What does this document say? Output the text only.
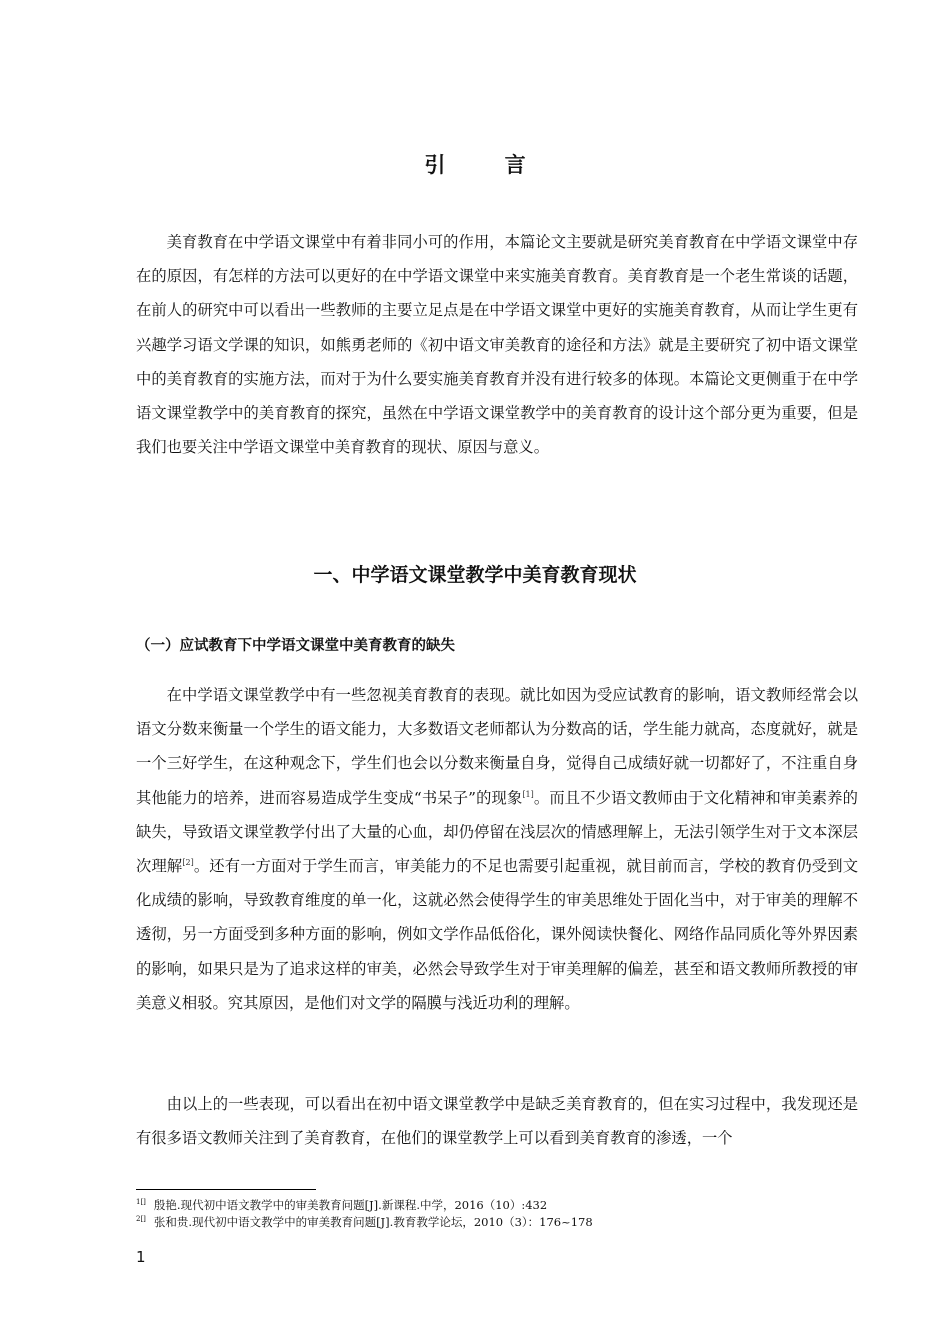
引 言

美育教育在中学语文课堂中有着非同小可的作用，本篇论文主要就是研究美育教育在中学语文课堂中存在的原因，有怎样的方法可以更好的在中学语文课堂中来实施美育教育。美育教育是一个老生常谈的话题，在前人的研究中可以看出一些教师的主要立足点是在中学语文课堂中更好的实施美育教育，从而让学生更有兴趣学习语文学课的知识，如熊勇老师的《初中语文审美教育的途径和方法》就是主要研究了初中语文课堂中的美育教育的实施方法，而对于为什么要实施美育教育并没有进行较多的体现。本篇论文更侧重于在中学语文课堂教学中的美育教育的探究，虽然在中学语文课堂教学中的美育教育的设计这个部分更为重要，但是我们也要关注中学语文课堂中美育教育的现状、原因与意义。

一、中学语文课堂教学中美育教育现状
（一）应试教育下中学语文课堂中美育教育的缺失

在中学语文课堂教学中有一些忽视美育教育的表现。就比如因为受应试教育的影响，语文教师经常会以语文分数来衡量一个学生的语文能力，大多数语文老师都认为分数高的话，学生能力就高，态度就好，就是一个三好学生，在这种观念下，学生们也会以分数来衡量自身，觉得自己成绩好就一切都好了，不注重自身其他能力的培养，进而容易造成学生变成“书呆子”的现象[1]。而且不少语文教师由于文化精神和审美素养的缺失，导致语文课堂教学付出了大量的心血，却仍停留在浅层次的情感理解上，无法引领学生对于文本深层次理解[2]。还有一方面对于学生而言，审美能力的不足也需要引起重视，就目前而言，学校的教育仍受到文化成绩的影响，导致教育维度的单一化，这就必然会使得学生的审美思维处于固化当中，对于审美的理解不透彻，另一方面受到多种方面的影响，例如文学作品低俗化，课外阅读快餐化、网络作品同质化等外界因素的影响，如果只是为了追求这样的审美，必然会导致学生对于审美理解的偏差，甚至和语文教师所教授的审美意义相驳。究其原因，是他们对文学的隔膜与浅近功利的理解。

由以上的一些表现，可以看出在初中语文课堂教学中是缺乏美育教育的，但在实习过程中，我发现还是有很多语文教师关注到了美育教育，在他们的课堂教学上可以看到美育教育的渗透，一个

$^{1[]}$ 殷艳.现代初中语文教学中的审美教育问题[J].新课程.中学，2016（10）:432
$^{2[]}$ 张和贵.现代初中语文教学中的审美教育问题[J].教育教学论坛，2010（3）：176~178
1
